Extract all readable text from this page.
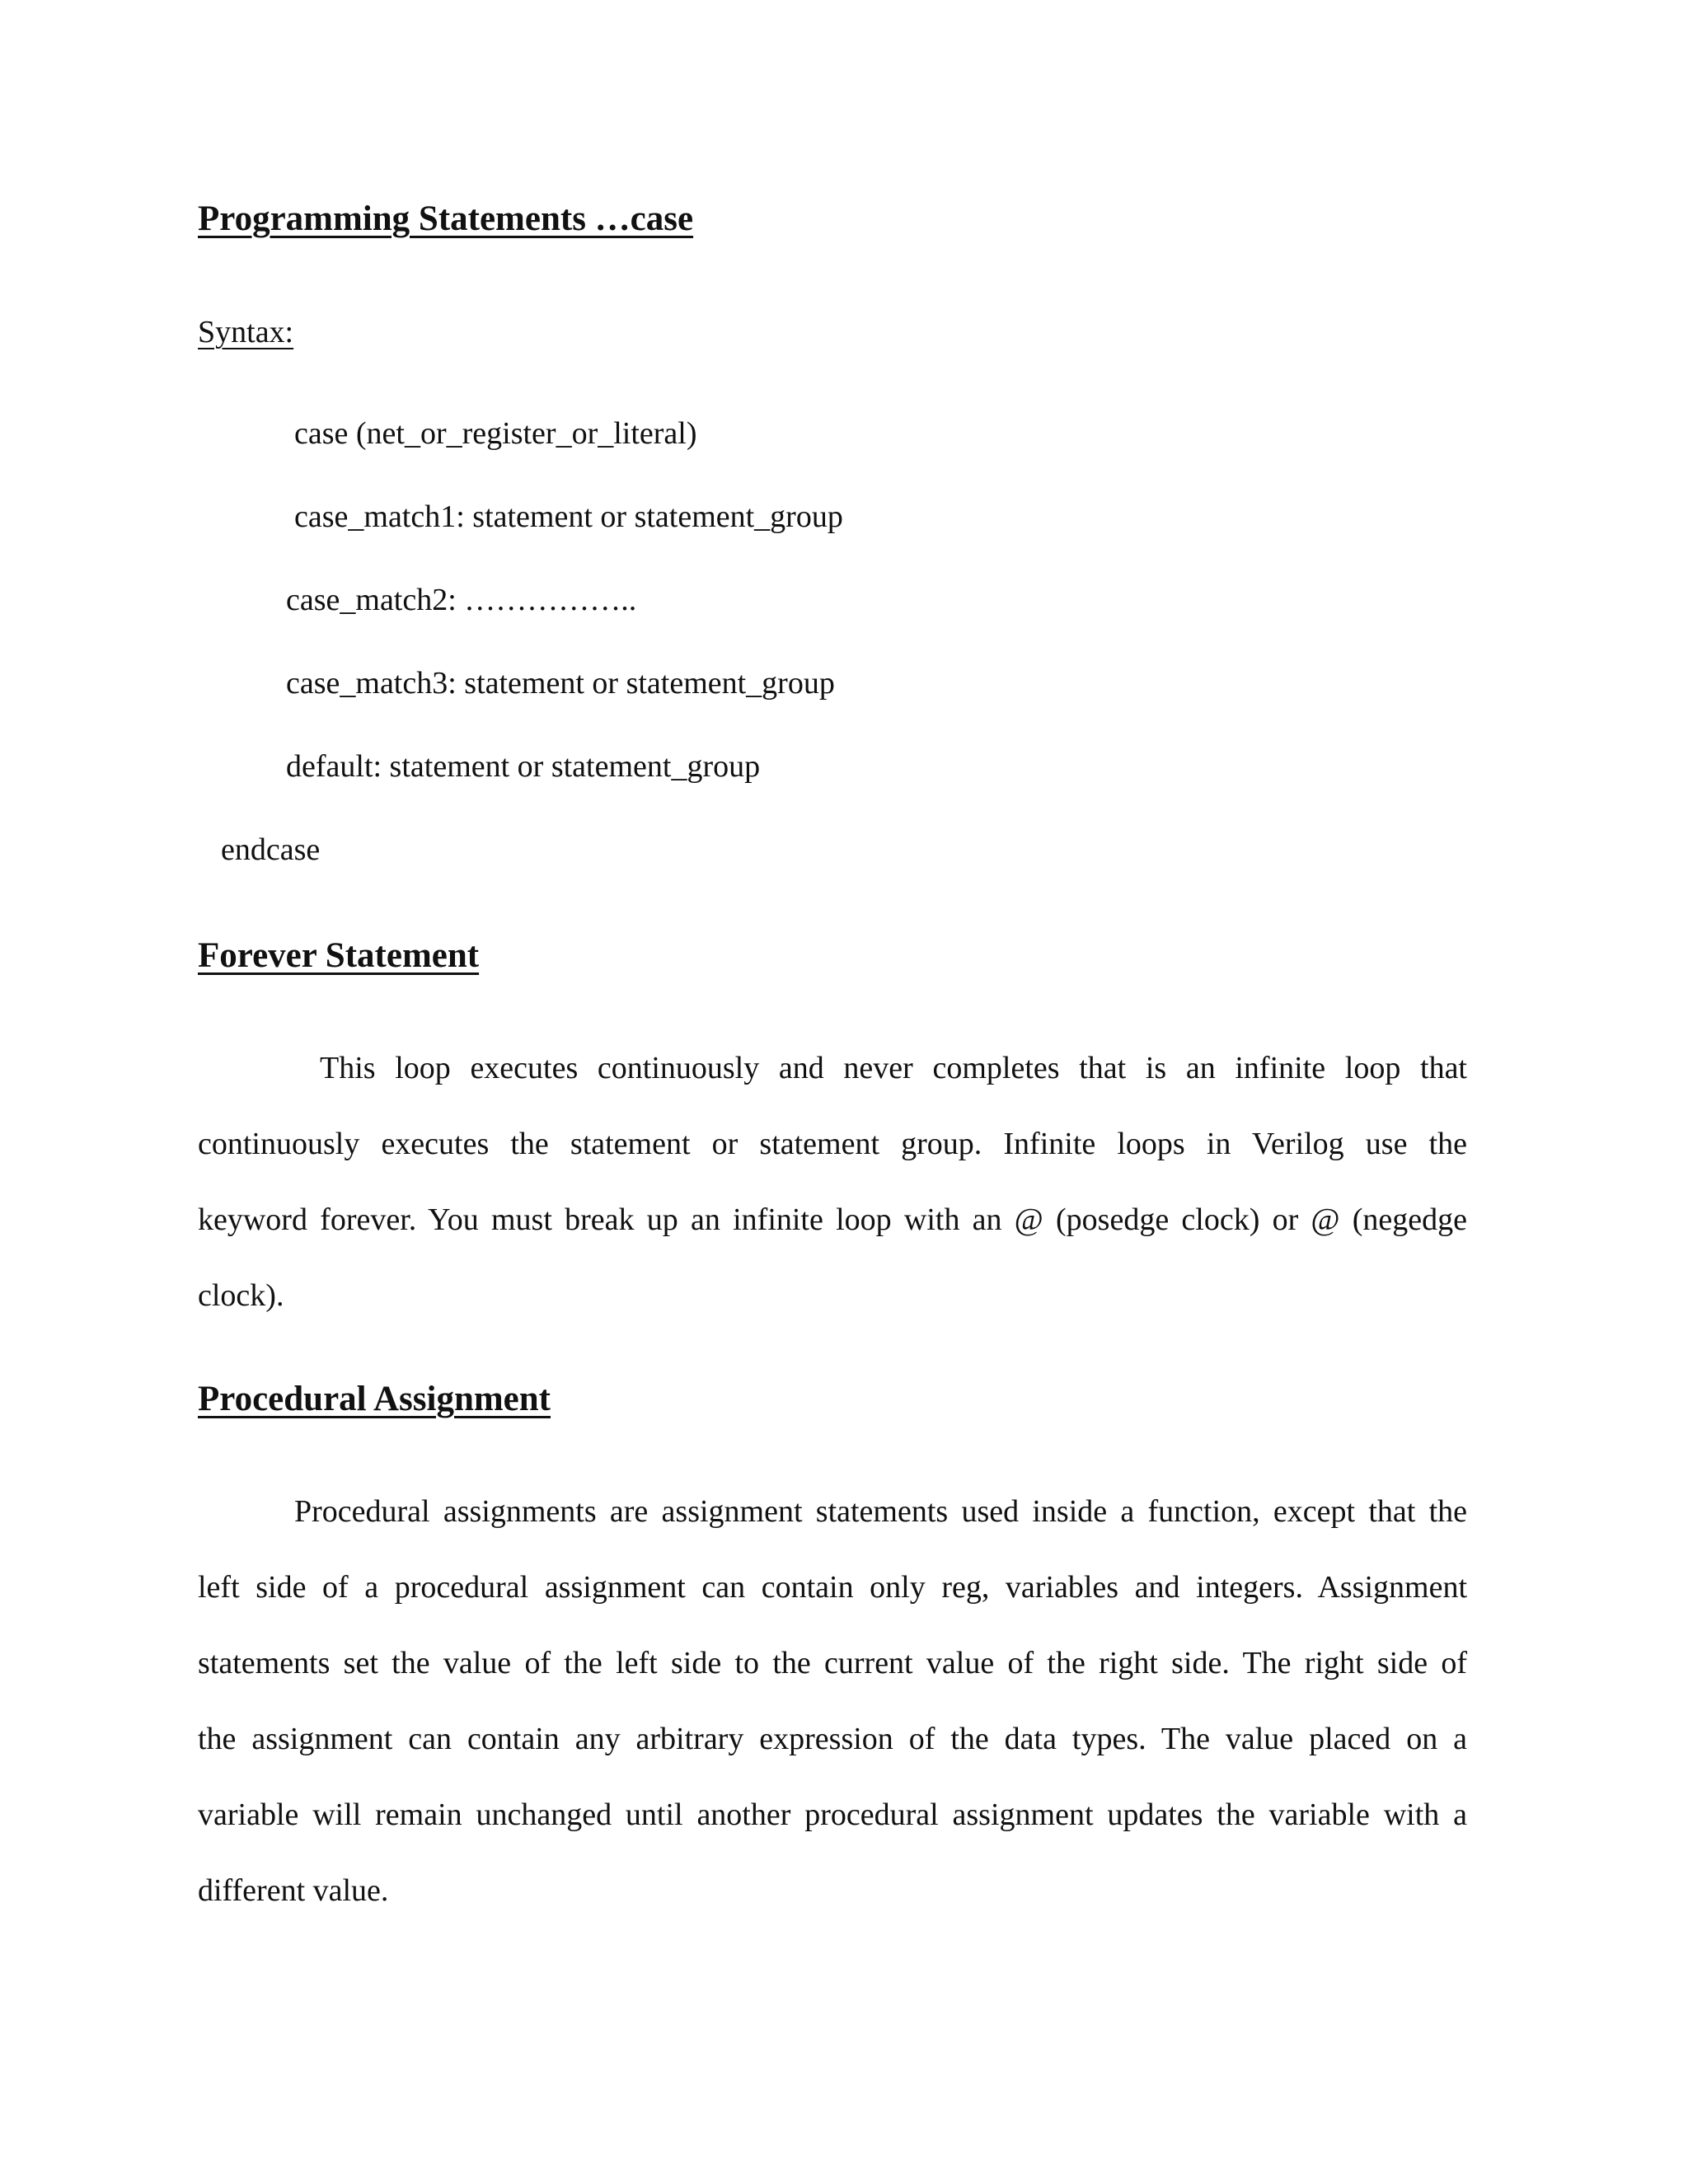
Programming Statements …case
Syntax:
case (net_or_register_or_literal)
case_match1: statement or statement_group
case_match2: ……………..
case_match3: statement or statement_group
default: statement or statement_group
endcase
Forever Statement
This loop executes continuously and never completes that is an infinite loop that
continuously executes the statement or statement group. Infinite loops in Verilog use the
keyword forever. You must break up an infinite loop with an @ (posedge clock) or @ (negedge
clock).
Procedural Assignment
Procedural assignments are assignment statements used inside a function, except that the
left side of a procedural assignment can contain only reg, variables and integers. Assignment
statements set the value of the left side to the current value of the right side. The right side of
the assignment can contain any arbitrary expression of the data types. The value placed on a
variable will remain unchanged until another procedural assignment updates the variable with a
different value.
